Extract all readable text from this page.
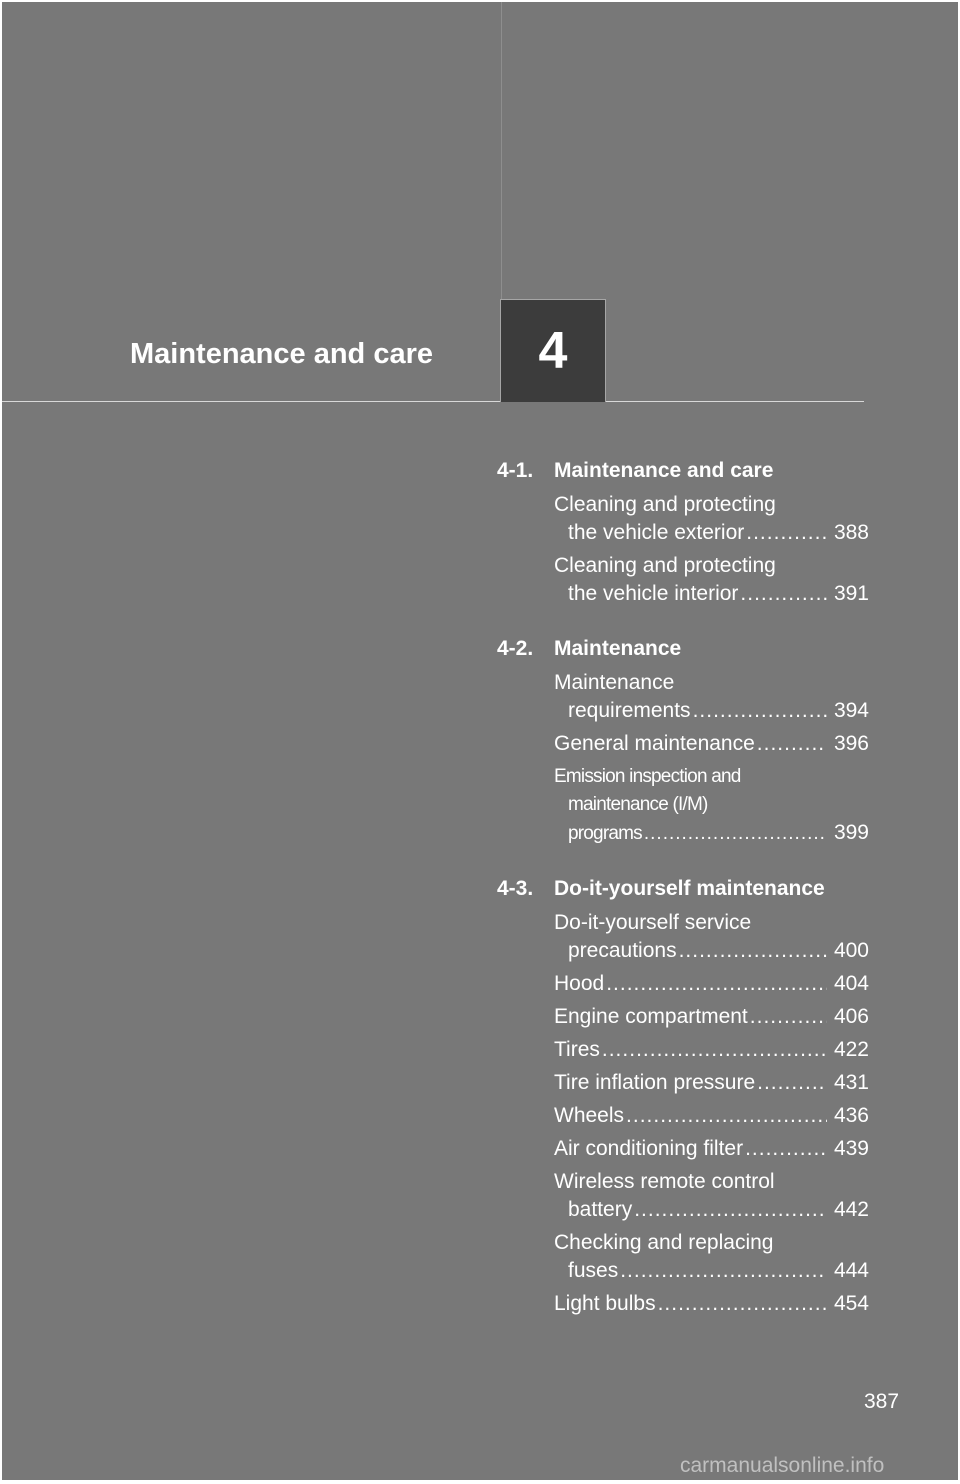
Maintenance and care	4
4-1. Maintenance and care
Cleaning and protecting
the vehicle exterior .....	388
Cleaning and protecting
the vehicle interior .....	391
4-2. Maintenance
Maintenance
requirements .....	394
General maintenance .....	396
Emission inspection and
maintenance (I/M)
programs .....	399
4-3. Do-it-yourself maintenance
Do-it-yourself service
precautions .....	400
Hood .....	404
Engine compartment .....	406
Tires .....	422
Tire inflation pressure .....	431
Wheels .....	436
Air conditioning filter .....	439
Wireless remote control
battery .....	442
Checking and replacing
fuses .....	444
Light bulbs .....	454
387
carmanualsonline.info
